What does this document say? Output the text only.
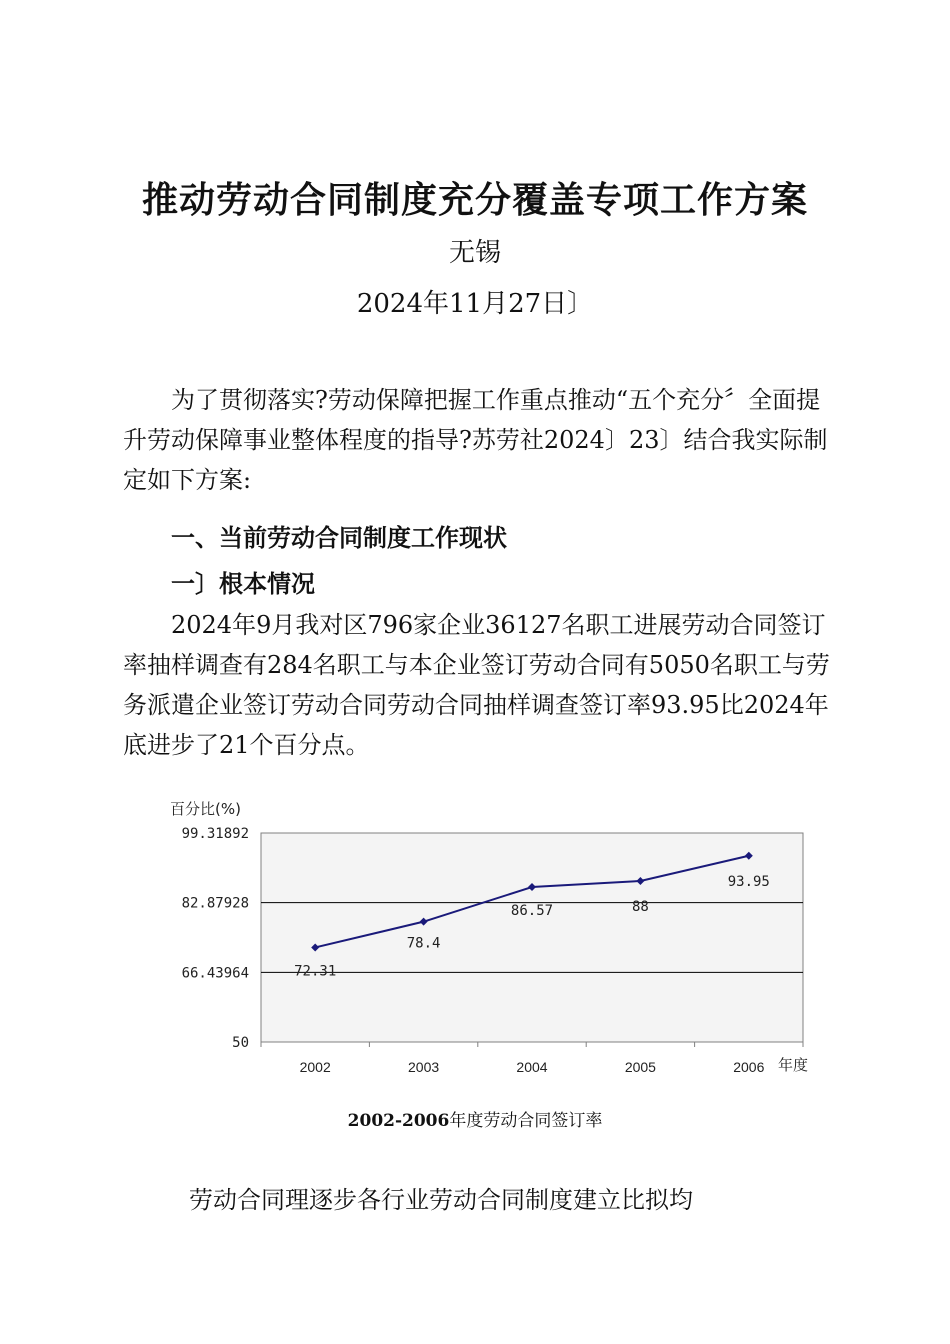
推动劳动合同制度充分覆盖专项工作方案
无锡
2024年11月27日〕

为了贯彻落实?劳动保障把握工作重点推动“五个充分〞全面提升劳动保障事业整体程度的指导?苏劳社2024〕23〕结合我实际制定如下方案:

一、当前劳动合同制度工作现状
一〕根本情况

2024年9月我对区796家企业36127名职工进展劳动合同签订率抽样调查有284名职工与本企业签订劳动合同有5050名职工与劳务派遣企业签订劳动合同劳动合同抽样调查签订率93.95比2024年底进步了21个百分点。

50
66.43964
82.87928
99.31892
2002	2003	2004	2005	2006
百分比(%)
年度
72.31
78.4
86.57	88
93.95
2002-2006年度劳动合同签订率

劳动合同理逐步各行业劳动合同制度建立比拟均
